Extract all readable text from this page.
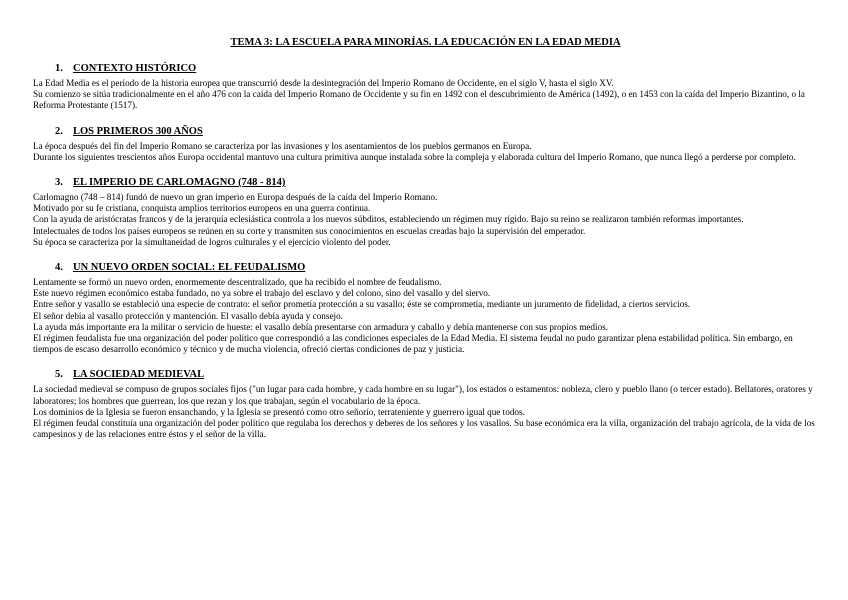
TEMA 3: LA ESCUELA PARA MINORÍAS. LA EDUCACIÓN EN LA EDAD MEDIA
1. CONTEXTO HISTÓRICO

La Edad Media es el período de la historia europea que transcurrió desde la desintegración del Imperio Romano de Occidente, en el siglo V, hasta el siglo XV.

Su comienzo se sitúa tradicionalmente en el año 476 con la caída del Imperio Romano de Occidente y su fin en 1492 con el descubrimiento de América (1492), o en 1453 con la caída del Imperio Bizantino, o la Reforma Protestante (1517).

2. LOS PRIMEROS 300 AÑOS

La época después del fin del Imperio Romano se caracteriza por las invasiones y los asentamientos de los pueblos germanos en Europa.

Durante los siguientes trescientos años Europa occidental mantuvo una cultura primitiva aunque instalada sobre la compleja y elaborada cultura del Imperio Romano, que nunca llegó a perderse por completo.

3. EL IMPERIO DE CARLOMAGNO (748 - 814)

Carlomagno (748 – 814) fundó de nuevo un gran imperio en Europa después de la caída del Imperio Romano.

Motivado por su fe cristiana, conquista amplios territorios europeos en una guerra continua.

Con la ayuda de aristócratas francos y de la jerarquía eclesiástica controla a los nuevos súbditos, estableciendo un régimen muy rígido. Bajo su reino se realizaron también reformas importantes.

Intelectuales de todos los países europeos se reúnen en su corte y transmiten sus conocimientos en escuelas creadas bajo la supervisión del emperador.

Su época se caracteriza por la simultaneidad de logros culturales y el ejercicio violento del poder.

4. UN NUEVO ORDEN SOCIAL: EL FEUDALISMO

Lentamente se formó un nuevo orden, enormemente descentralizado, que ha recibido el nombre de feudalismo.

Este nuevo régimen económico estaba fundado, no ya sobre el trabajo del esclavo y del colono, sino del vasallo y del siervo.

Entre señor y vasallo se estableció una especie de contrato: el señor prometía protección a su vasallo; éste se comprometía, mediante un juramento de fidelidad, a ciertos servicios.

El señor debía al vasallo protección y mantención. El vasallo debía ayuda y consejo.

La ayuda más importante era la militar o servicio de hueste: el vasallo debía presentarse con armadura y caballo y debía mantenerse con sus propios medios.

El régimen feudalista fue una organización del poder político que correspondió a las condiciones especiales de la Edad Media. El sistema feudal no pudo garantizar plena estabilidad política. Sin embargo, en tiempos de escaso desarrollo económico y técnico y de mucha violencia, ofreció ciertas condiciones de paz y justicia.

5. LA SOCIEDAD MEDIEVAL

La sociedad medieval se compuso de grupos sociales fijos ("un lugar para cada hombre, y cada hombre en su lugar"), los estados o estamentos: nobleza, clero y pueblo llano (o tercer estado). Bellatores, oratores y laboratores; los hombres que guerrean, los que rezan y los que trabajan, según el vocabulario de la época.

Los dominios de la Iglesia se fueron ensanchando, y la Iglesia se presentó como otro señorío, terrateniente y guerrero igual que todos.

El régimen feudal constituía una organización del poder político que regulaba los derechos y deberes de los señores y los vasallos. Su base económica era la villa, organización del trabajo agrícola, de la vida de los campesinos y de las relaciones entre éstos y el señor de la villa.
